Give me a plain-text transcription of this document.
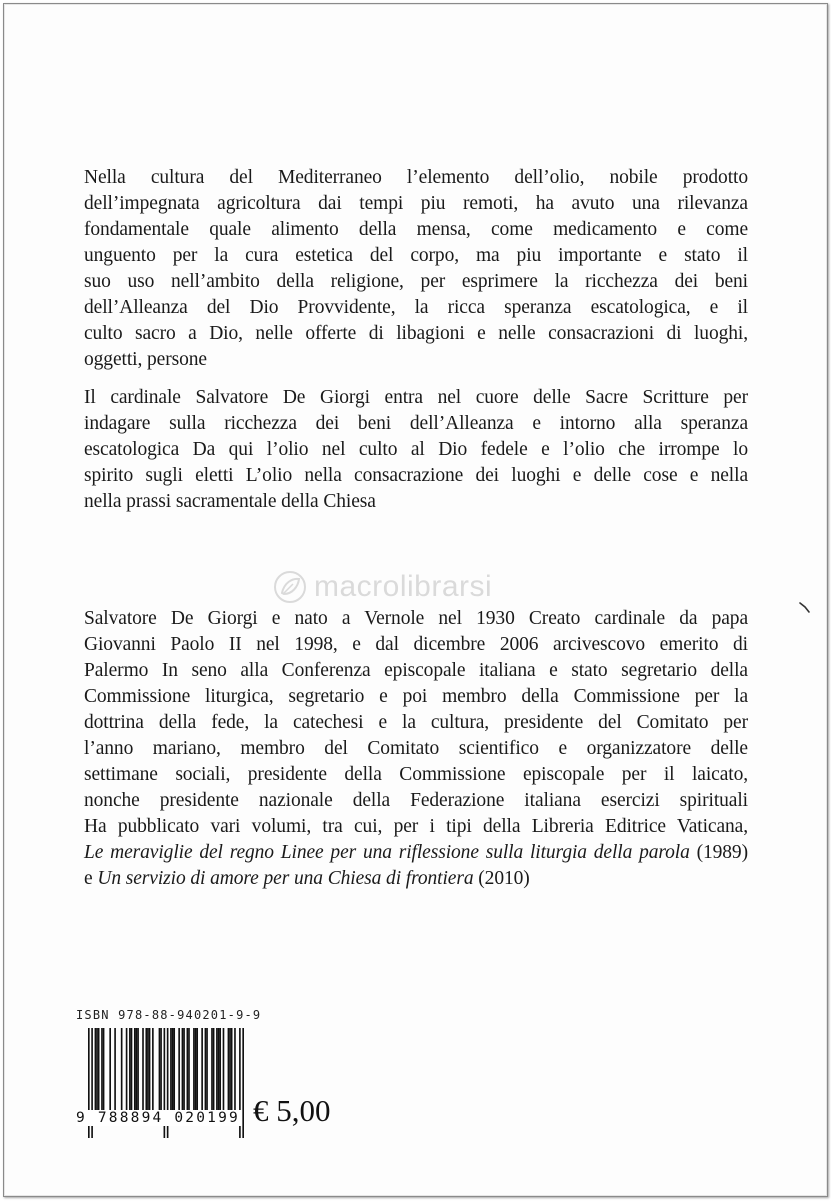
Nella cultura del Mediterraneo l’elemento dell’olio, nobile prodotto
dell’impegnata agricoltura dai tempi piu remoti, ha avuto una rilevanza
fondamentale quale alimento della mensa, come medicamento e come
unguento per la cura estetica del corpo, ma piu importante e stato il
suo uso nell’ambito della religione, per esprimere la ricchezza dei beni
dell’Alleanza del Dio Provvidente, la ricca speranza escatologica, e il
culto sacro a Dio, nelle offerte di libagioni e nelle consacrazioni di luoghi,
oggetti, persone

Il cardinale Salvatore De Giorgi entra nel cuore delle Sacre Scritture per
indagare sulla ricchezza dei beni dell’Alleanza e intorno alla speranza
escatologica Da qui l’olio nel culto al Dio fedele e l’olio che irrompe lo
spirito sugli eletti L’olio nella consacrazione dei luoghi e delle cose e nella
nella prassi sacramentale della Chiesa

macrolibrarsi

Salvatore De Giorgi e nato a Vernole nel 1930 Creato cardinale da papa
Giovanni Paolo II nel 1998, e dal dicembre 2006 arcivescovo emerito di
Palermo In seno alla Conferenza episcopale italiana e stato segretario della
Commissione liturgica, segretario e poi membro della Commissione per la
dottrina della fede, la catechesi e la cultura, presidente del Comitato per
l’anno mariano, membro del Comitato scientifico e organizzatore delle
settimane sociali, presidente della Commissione episcopale per il laicato,
nonche presidente nazionale della Federazione italiana esercizi spirituali
Ha pubblicato vari volumi, tra cui, per i tipi della Libreria Editrice Vaticana,
Le meraviglie del regno Linee per una riflessione sulla liturgia della parola (1989)
e Un servizio di amore per una Chiesa di frontiera (2010)

ISBN 978-88-940201-9-9
9 788894 020199 € 5,00
